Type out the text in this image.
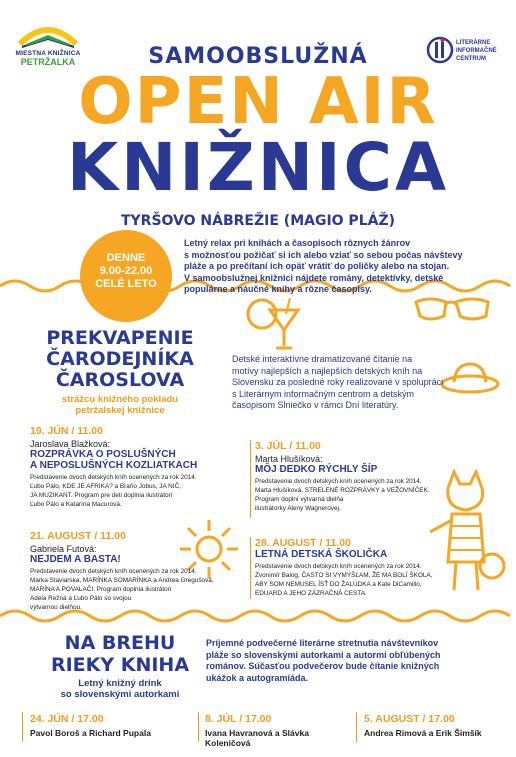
MIESTNA KNIŽNICA
PETRŽALKA
LITERÁRNE
INFORMAČNÉ
CENTRUM
SAMOOBSLUŽNÁ
OPEN AIR
KNIŽNICA
TYRŠOVO NÁBREŽIE (MAGIO PLÁŽ)
DENNE
9.00-22.00
CELÉ LETO
Letný relax pri knihách a časopisoch rôznych žánrov
s možnosťou požičať si ich alebo vziať so sebou počas návštevy
pláže a po prečítaní ich opäť vrátiť do poličky alebo na stojan.
V samoobslužnej knižnici nájdete romány, detektívky, detské
populárne a náučné knihy a rôzne časopisy.
PREKVAPENIE
ČARODEJNÍKA
ČAROSLOVA
strážcu knižného pokladu
petržalskej knižnice
Detské interaktívne dramatizované čítanie na
motívy najlepších a najlepších detských kníh na
Slovensku za posledné roky realizované v spolupráci
s Literárnym informačným centrom a detským
časopisom Slniečko v rámci Dní literatúry.
19. JÚN / 11.00
Jaroslava Blažková:
ROZPRÁVKA O POSLUŠNÝCH
A NEPOSLUŠNÝCH KOZLIATKACH
Predstavenie dvoch detských kníh ocenených za rok 2014.
Ľubo Pálo, KDE JE AFRIKA? a Braňo Jobus, JA NIČ,
JA MUZIKANT. Program pre deti doplnia ilustrátori
Ľubo Pálo a Katarína Macurová.
3. JÚL / 11.00
Marta Hlušíková:
MÔJ DEDKO RÝCHLY ŠÍP
Predstavenie dvoch detských kníh ocenených za rok 2014.
Marta Hlušíková, STRELENÉ ROZPRÁVKY a VEŽOVNÍČEK.
Program doplní výtvarná dielňa
ilustrátorky Aleny Wagnerovej.
21. AUGUST / 11.00
Gabriela Futová:
NEJDEM A BASTA!
Predstavenie dvoch detských kníh ocenených za rok 2014.
Marka Staviarska, MARÍNKA SOMARÍNKA a Andrea Gregušová,
MARÍNA A POVALAČI. Program doplnia ilustrátori
Adela Režná a Ľubo Pálo so svojou
výtvarnou dielňou.
28. AUGUST / 11.00
LETNÁ DETSKÁ ŠKOLIČKA
Predstavenie dvoch detských kníh ocenených za rok 2014.
Zvonimír Balog, ČASTO SI VYMÝŠĽAM, ŽE MA BOLÍ ŠKOLA,
ABY SOM NEMUSEL ÍSŤ DO ŽALÚDKA a Kate DiCamillo,
EDUARD A JEHO ZÁZRAČNÁ CESTA.
NA BREHU
RIEKY KNIHA
Letný knižný drink
so slovenskými autorkami
Príjemné podvečerné literárne stretnutia návštevníkov
pláže so slovenskými autorkami a autormi obľúbených
románov. Súčasťou podvečerov bude čítanie knižných
ukážok a autogramiáda.
24. JÚN / 17.00
Pavol Boroš a Richard Pupala
8. JÚL / 17.00
Ivana Havranová a Slávka Koleničová
5. AUGUST / 17.00
Andrea Rimová a Erik Šimšík
